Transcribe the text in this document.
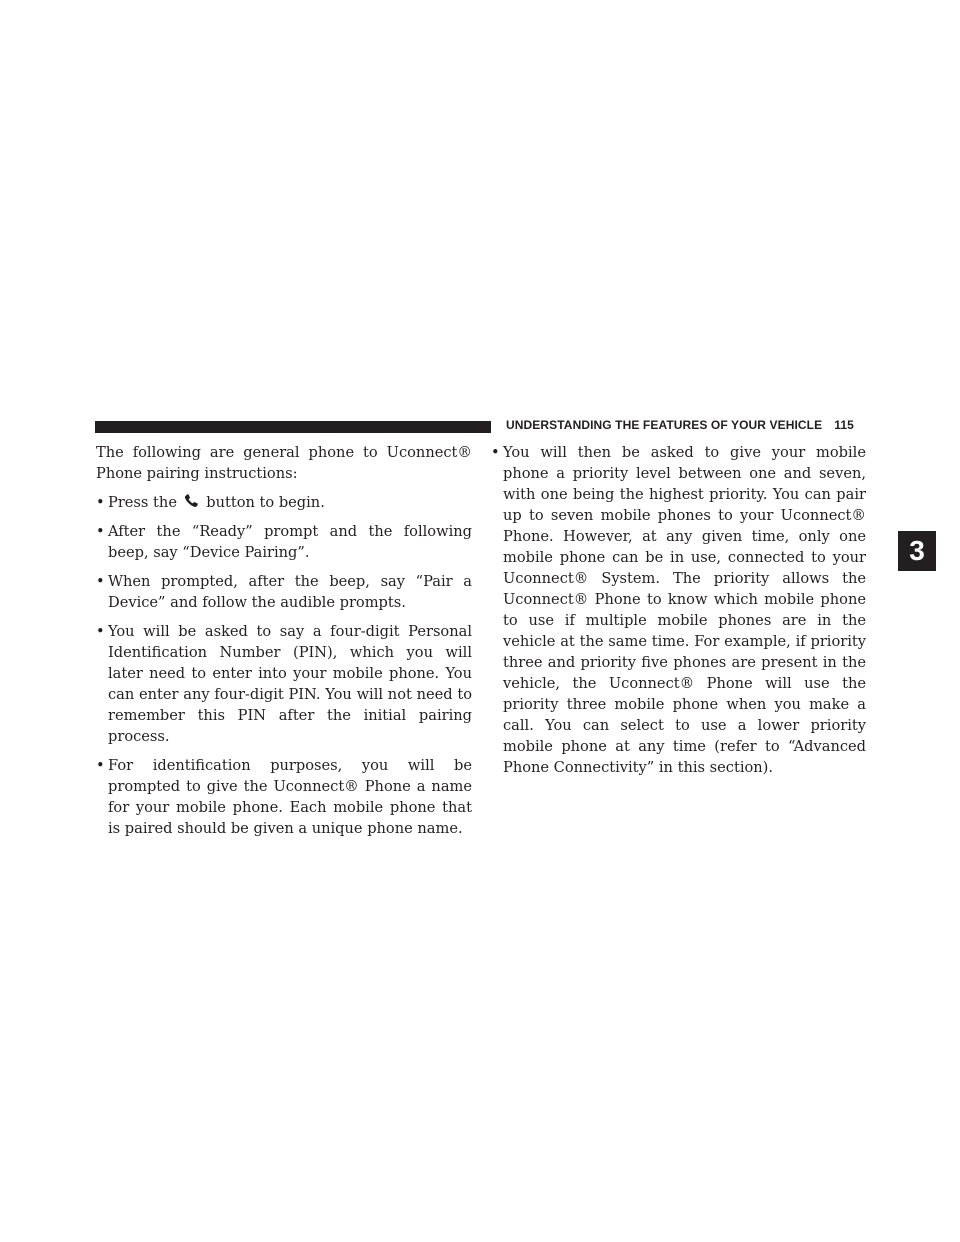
UNDERSTANDING THE FEATURES OF YOUR VEHICLE 115

The following are general phone to Uconnect® Phone pairing instructions:

• Press the button to begin.
• After the “Ready” prompt and the following beep, say “Device Pairing”.
• When prompted, after the beep, say “Pair a Device” and follow the audible prompts.
• You will be asked to say a four-digit Personal Identification Number (PIN), which you will later need to enter into your mobile phone. You can enter any four-digit PIN. You will not need to remember this PIN after the initial pairing process.
• For identification purposes, you will be prompted to give the Uconnect® Phone a name for your mobile phone. Each mobile phone that is paired should be given a unique phone name.
• You will then be asked to give your mobile phone a priority level between one and seven, with one being the highest priority. You can pair up to seven mobile phones to your Uconnect® Phone. However, at any given time, only one mobile phone can be in use, connected to your Uconnect® System. The priority allows the Uconnect® Phone to know which mobile phone to use if multiple mobile phones are in the vehicle at the same time. For example, if priority three and priority five phones are present in the vehicle, the Uconnect® Phone will use the priority three mobile phone when you make a call. You can select to use a lower priority mobile phone at any time (refer to “Advanced Phone Connectivity” in this section).
3
